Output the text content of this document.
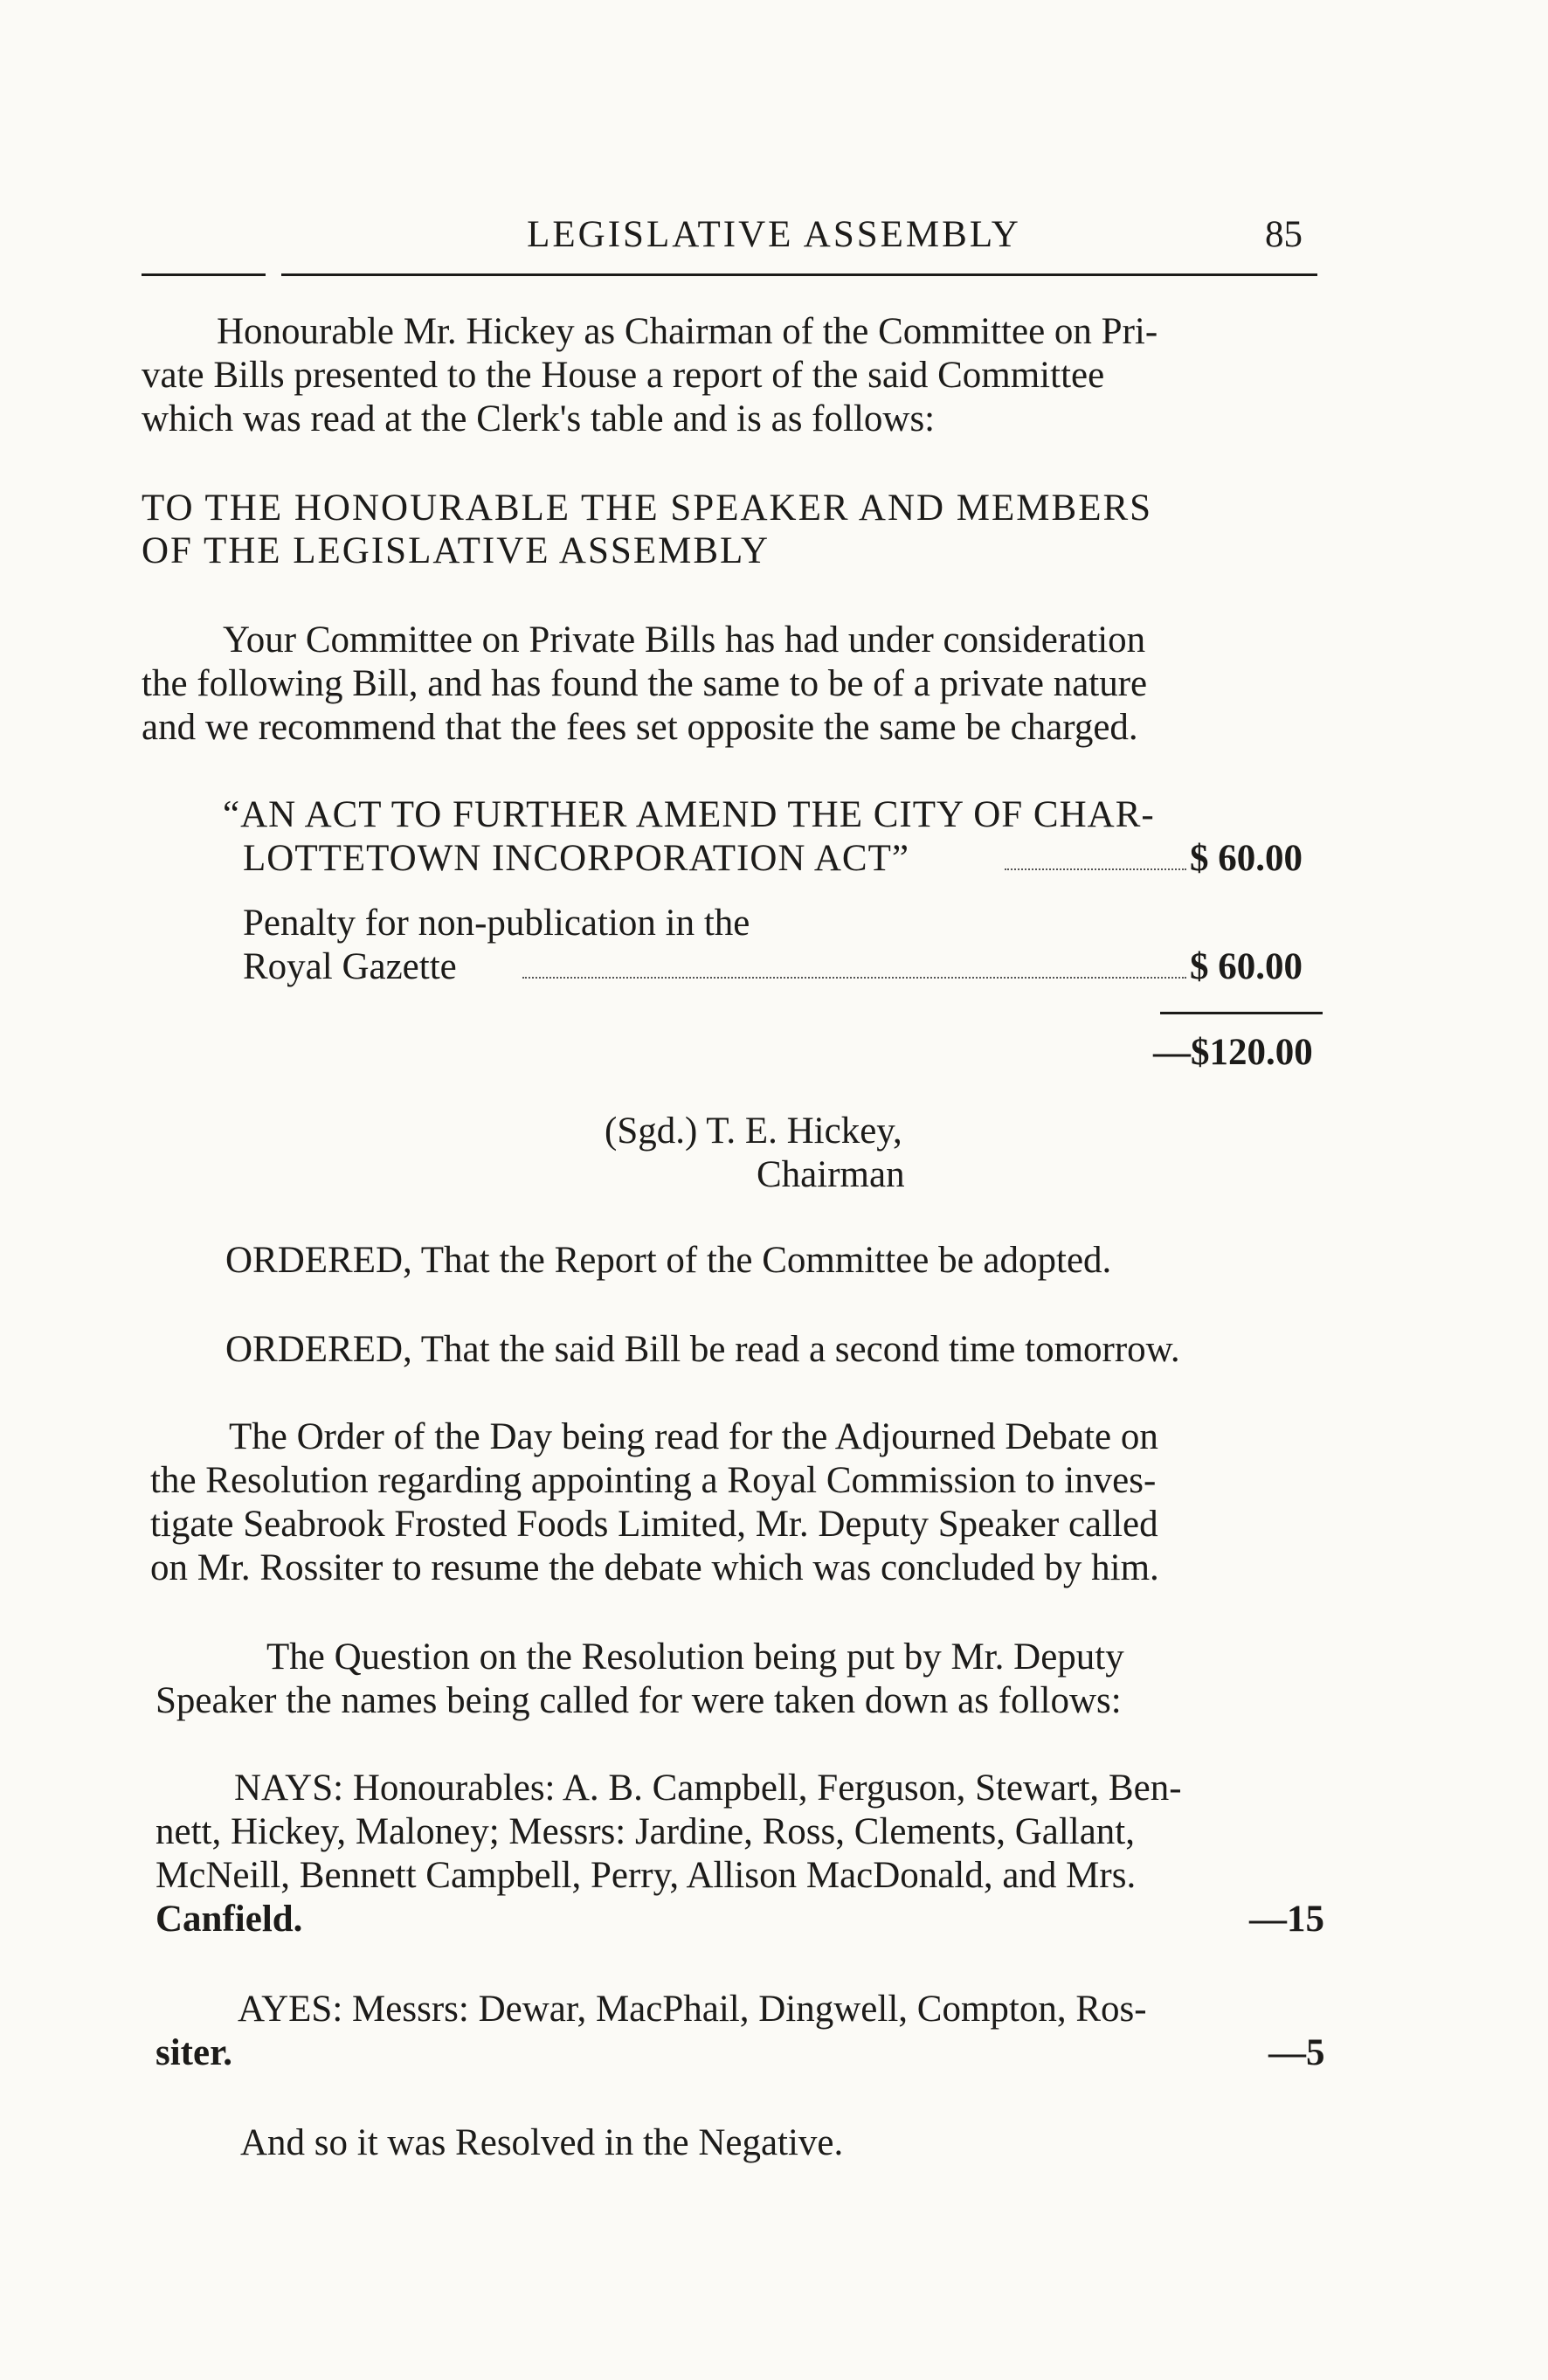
LEGISLATIVE ASSEMBLY	85
Honourable Mr. Hickey as Chairman of the Committee on Pri-
vate Bills presented to the House a report of the said Committee
which was read at the Clerk's table and is as follows:
TO THE HONOURABLE THE SPEAKER AND MEMBERS
OF THE LEGISLATIVE ASSEMBLY
Your Committee on Private Bills has had under consideration
the following Bill, and has found the same to be of a private nature
and we recommend that the fees set opposite the same be charged.
“AN ACT TO FURTHER AMEND THE CITY OF CHAR-
LOTTETOWN INCORPORATION ACT”	$ 60.00
Penalty for non-publication in the
Royal Gazette	$ 60.00
—$120.00
(Sgd.) T. E. Hickey,
Chairman
ORDERED, That the Report of the Committee be adopted.
ORDERED, That the said Bill be read a second time tomorrow.
The Order of the Day being read for the Adjourned Debate on
the Resolution regarding appointing a Royal Commission to inves-
tigate Seabrook Frosted Foods Limited, Mr. Deputy Speaker called
on Mr. Rossiter to resume the debate which was concluded by him.
The Question on the Resolution being put by Mr. Deputy
Speaker the names being called for were taken down as follows:
NAYS: Honourables: A. B. Campbell, Ferguson, Stewart, Ben-
nett, Hickey, Maloney; Messrs: Jardine, Ross, Clements, Gallant,
McNeill, Bennett Campbell, Perry, Allison MacDonald, and Mrs.
Canfield.	—15
AYES: Messrs: Dewar, MacPhail, Dingwell, Compton, Ros-
siter.	—5
And so it was Resolved in the Negative.
